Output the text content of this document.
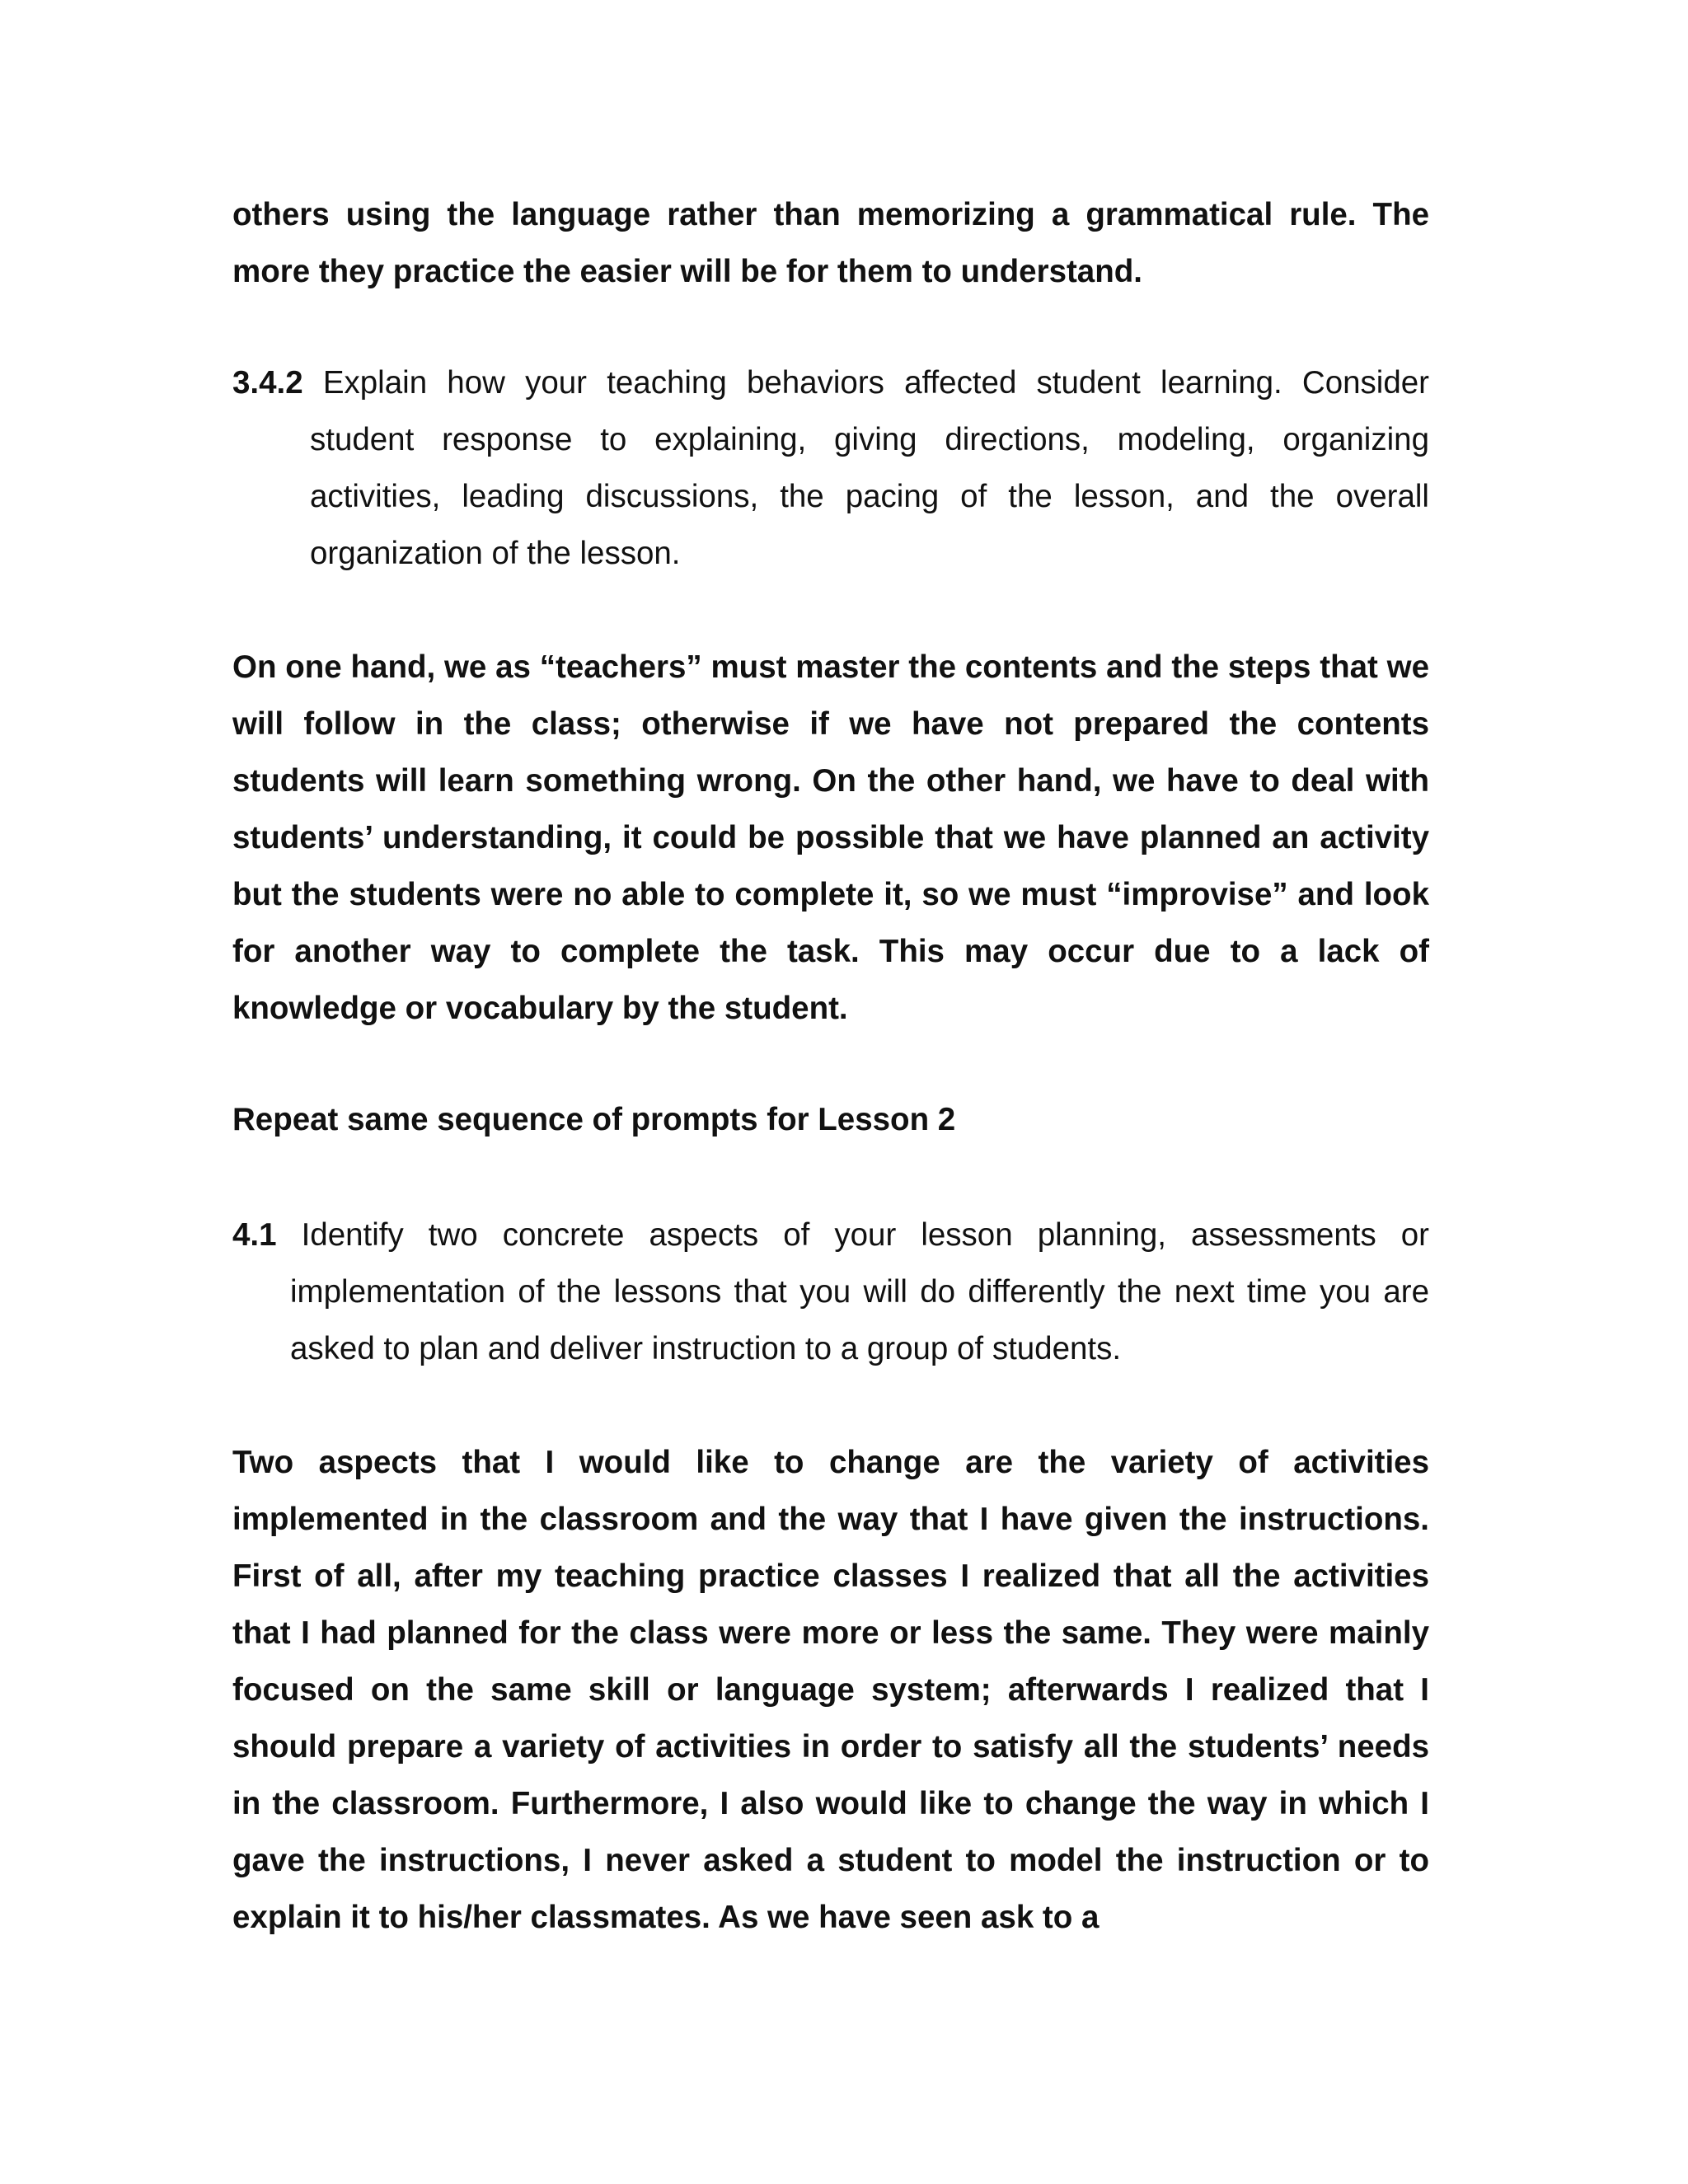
others using the language rather than memorizing a grammatical rule. The more they practice the easier will be for them to understand.

3.4.2 Explain how your teaching behaviors affected student learning. Consider student response to explaining, giving directions, modeling, organizing activities, leading discussions, the pacing of the lesson, and the overall organization of the lesson.

On one hand, we as “teachers” must master the contents and the steps that we will follow in the class; otherwise if we have not prepared the contents students will learn something wrong. On the other hand, we have to deal with students’ understanding, it could be possible that we have planned an activity but the students were no able to complete it, so we must “improvise” and look for another way to complete the task. This may occur due to a lack of knowledge or vocabulary by the student.

Repeat same sequence of prompts for Lesson 2

4.1 Identify two concrete aspects of your lesson planning, assessments or implementation of the lessons that you will do differently the next time you are asked to plan and deliver instruction to a group of students.

Two aspects that I would like to change are the variety of activities implemented in the classroom and the way that I have given the instructions. First of all, after my teaching practice classes I realized that all the activities that I had planned for the class were more or less the same. They were mainly focused on the same skill or language system; afterwards I realized that I should prepare a variety of activities in order to satisfy all the students’ needs in the classroom. Furthermore, I also would like to change the way in which I gave the instructions, I never asked a student to model the instruction or to explain it to his/her classmates. As we have seen ask to a
